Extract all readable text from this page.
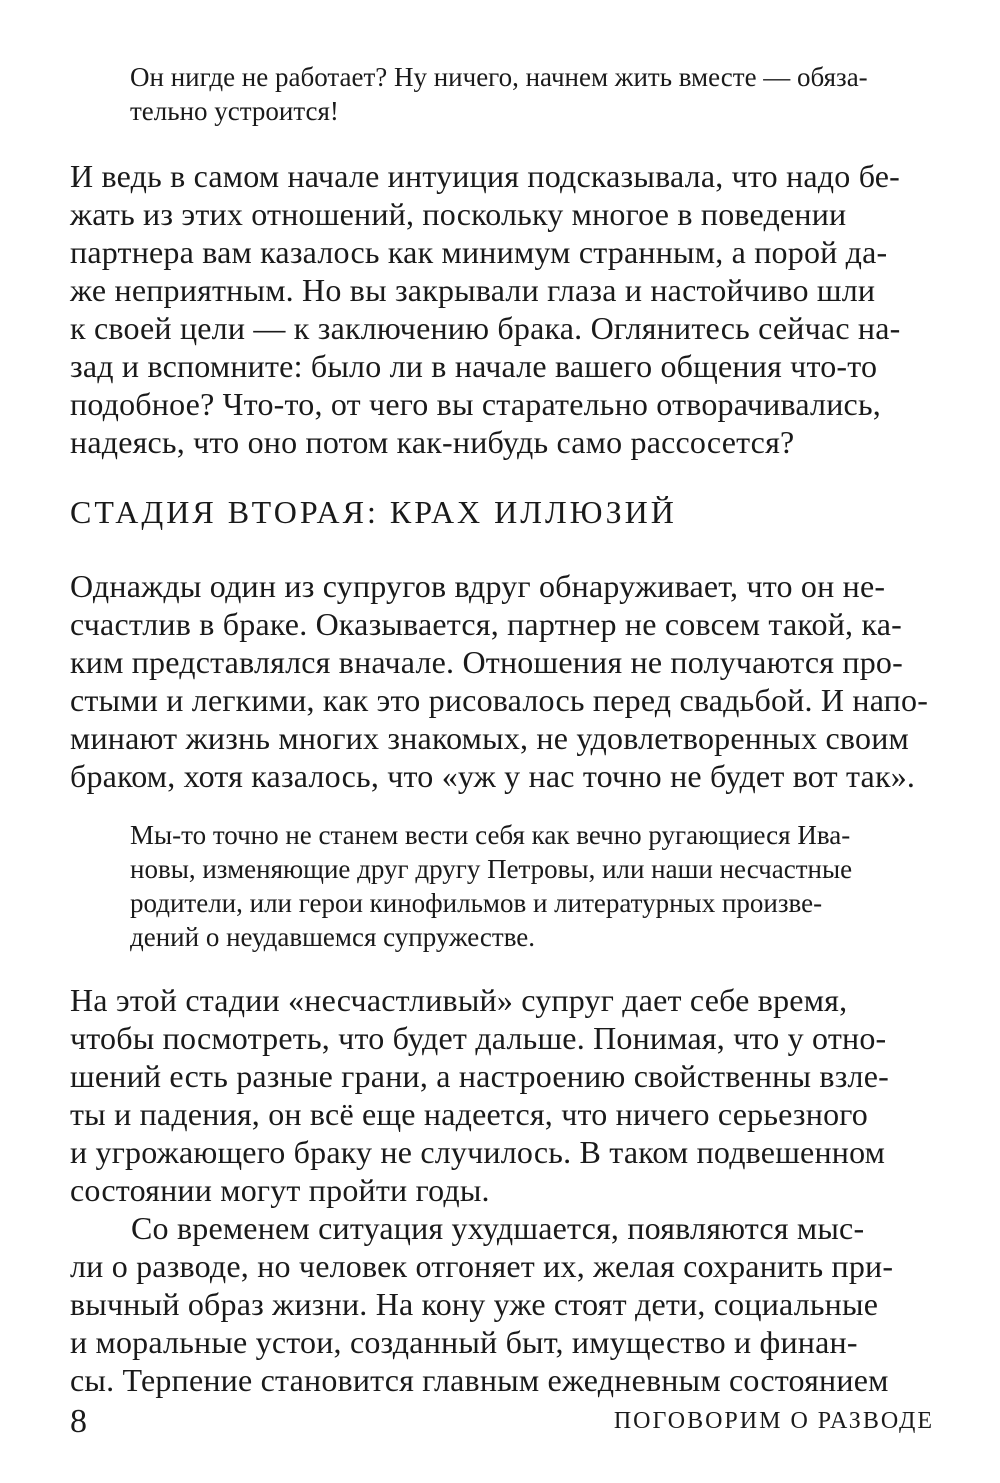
Он нигде не работает? Ну ничего, начнем жить вместе — обяза-

тельно устроится!

И ведь в самом начале интуиция подсказывала, что надо бе-

жать из этих отношений, поскольку многое в поведении

партнера вам казалось как минимум странным, а порой да-

же неприятным. Но вы закрывали глаза и настойчиво шли

к своей цели — к заключению брака. Оглянитесь сейчас на-

зад и вспомните: было ли в начале вашего общения что-то

подобное? Что-то, от чего вы старательно отворачивались,

надеясь, что оно потом как-нибудь само рассосется?

СТАДИЯ ВТОРАЯ: КРАХ ИЛЛЮЗИЙ

Однажды один из супругов вдруг обнаруживает, что он не-

счастлив в браке. Оказывается, партнер не совсем такой, ка-

ким представлялся вначале. Отношения не получаются про-

стыми и легкими, как это рисовалось перед свадьбой. И напо-

минают жизнь многих знакомых, не удовлетворенных своим

браком, хотя казалось, что «уж у нас точно не будет вот так».

Мы-то точно не станем вести себя как вечно ругающиеся Ива-

новы, изменяющие друг другу Петровы, или наши несчастные

родители, или герои кинофильмов и литературных произве-

дений о неудавшемся супружестве.

На этой стадии «несчастливый» супруг дает себе время,

чтобы посмотреть, что будет дальше. Понимая, что у отно-

шений есть разные грани, а настроению свойственны взле-

ты и падения, он всё еще надеется, что ничего серьезного

и угрожающего браку не случилось. В таком подвешенном

состоянии могут пройти годы.

Со временем ситуация ухудшается, появляются мыс-

ли о разводе, но человек отгоняет их, желая сохранить при-

вычный образ жизни. На кону уже стоят дети, социальные

и моральные устои, созданный быт, имущество и финан-

сы. Терпение становится главным ежедневным состоянием

8	ПОГОВОРИМ О РАЗВОДЕ
